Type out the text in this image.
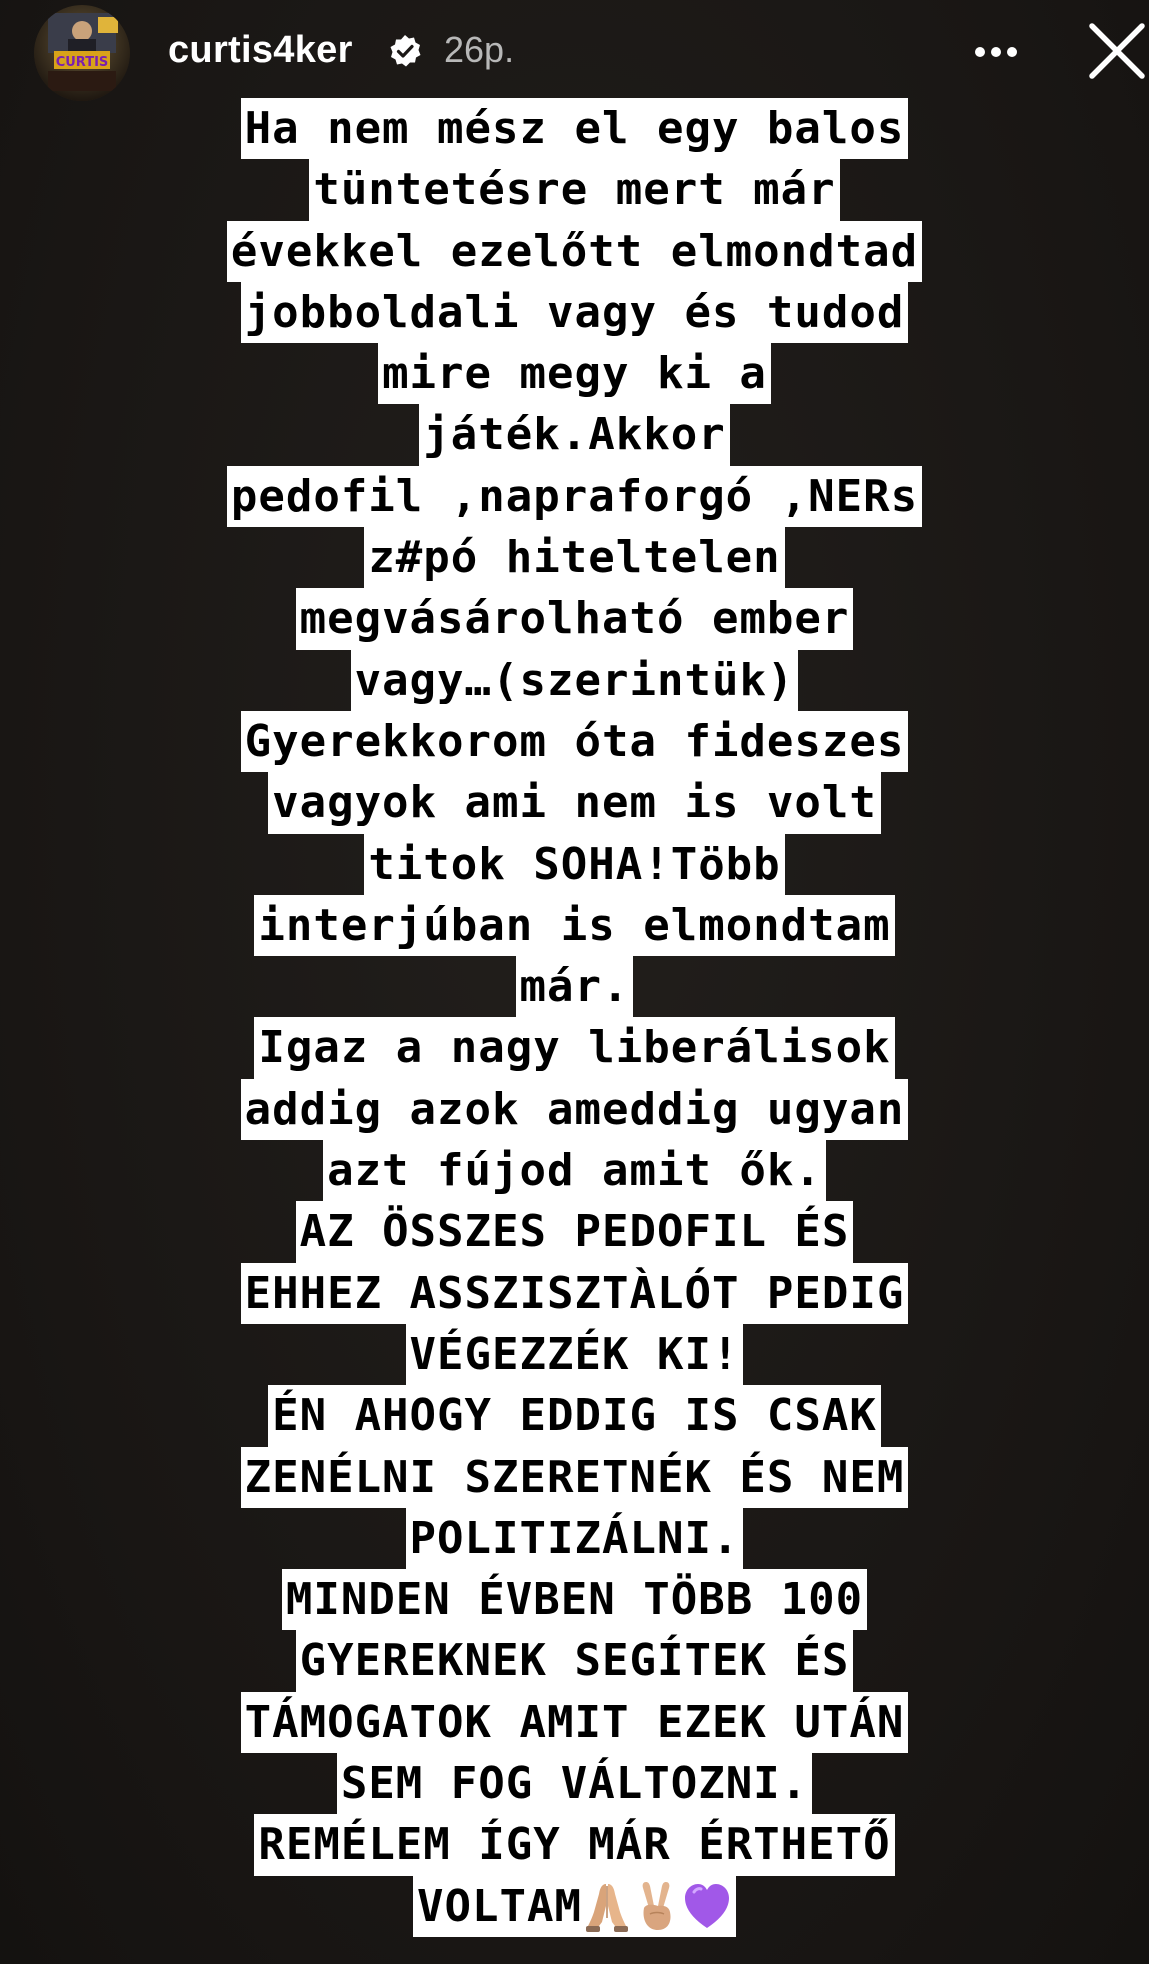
CURTIS curtis4ker	26p.
Ha nem mész el egy balos
tüntetésre mert már
évekkel ezelőtt elmondtad
jobboldali vagy és tudod
mire megy ki a
játék.Akkor
pedofil ,napraforgó ,NERs
z#pó hiteltelen
megvásárolható ember
vagy…(szerintük)
Gyerekkorom óta fideszes
vagyok ami nem is volt
titok SOHA!Több
interjúban is elmondtam
már.
Igaz a nagy liberálisok
addig azok ameddig ugyan
azt fújod amit ők.
AZ ÖSSZES PEDOFIL ÉS
EHHEZ ASSZISZTÀLÓT PEDIG
VÉGEZZÉK KI!
ÉN AHOGY EDDIG IS CSAK
ZENÉLNI SZERETNÉK ÉS NEM
POLITIZÁLNI.
MINDEN ÉVBEN TÖBB 100
GYEREKNEK SEGÍTEK ÉS
TÁMOGATOK AMIT EZEK UTÁN
SEM FOG VÁLTOZNI.
REMÉLEM ÍGY MÁR ÉRTHETŐ
VOLTAM
